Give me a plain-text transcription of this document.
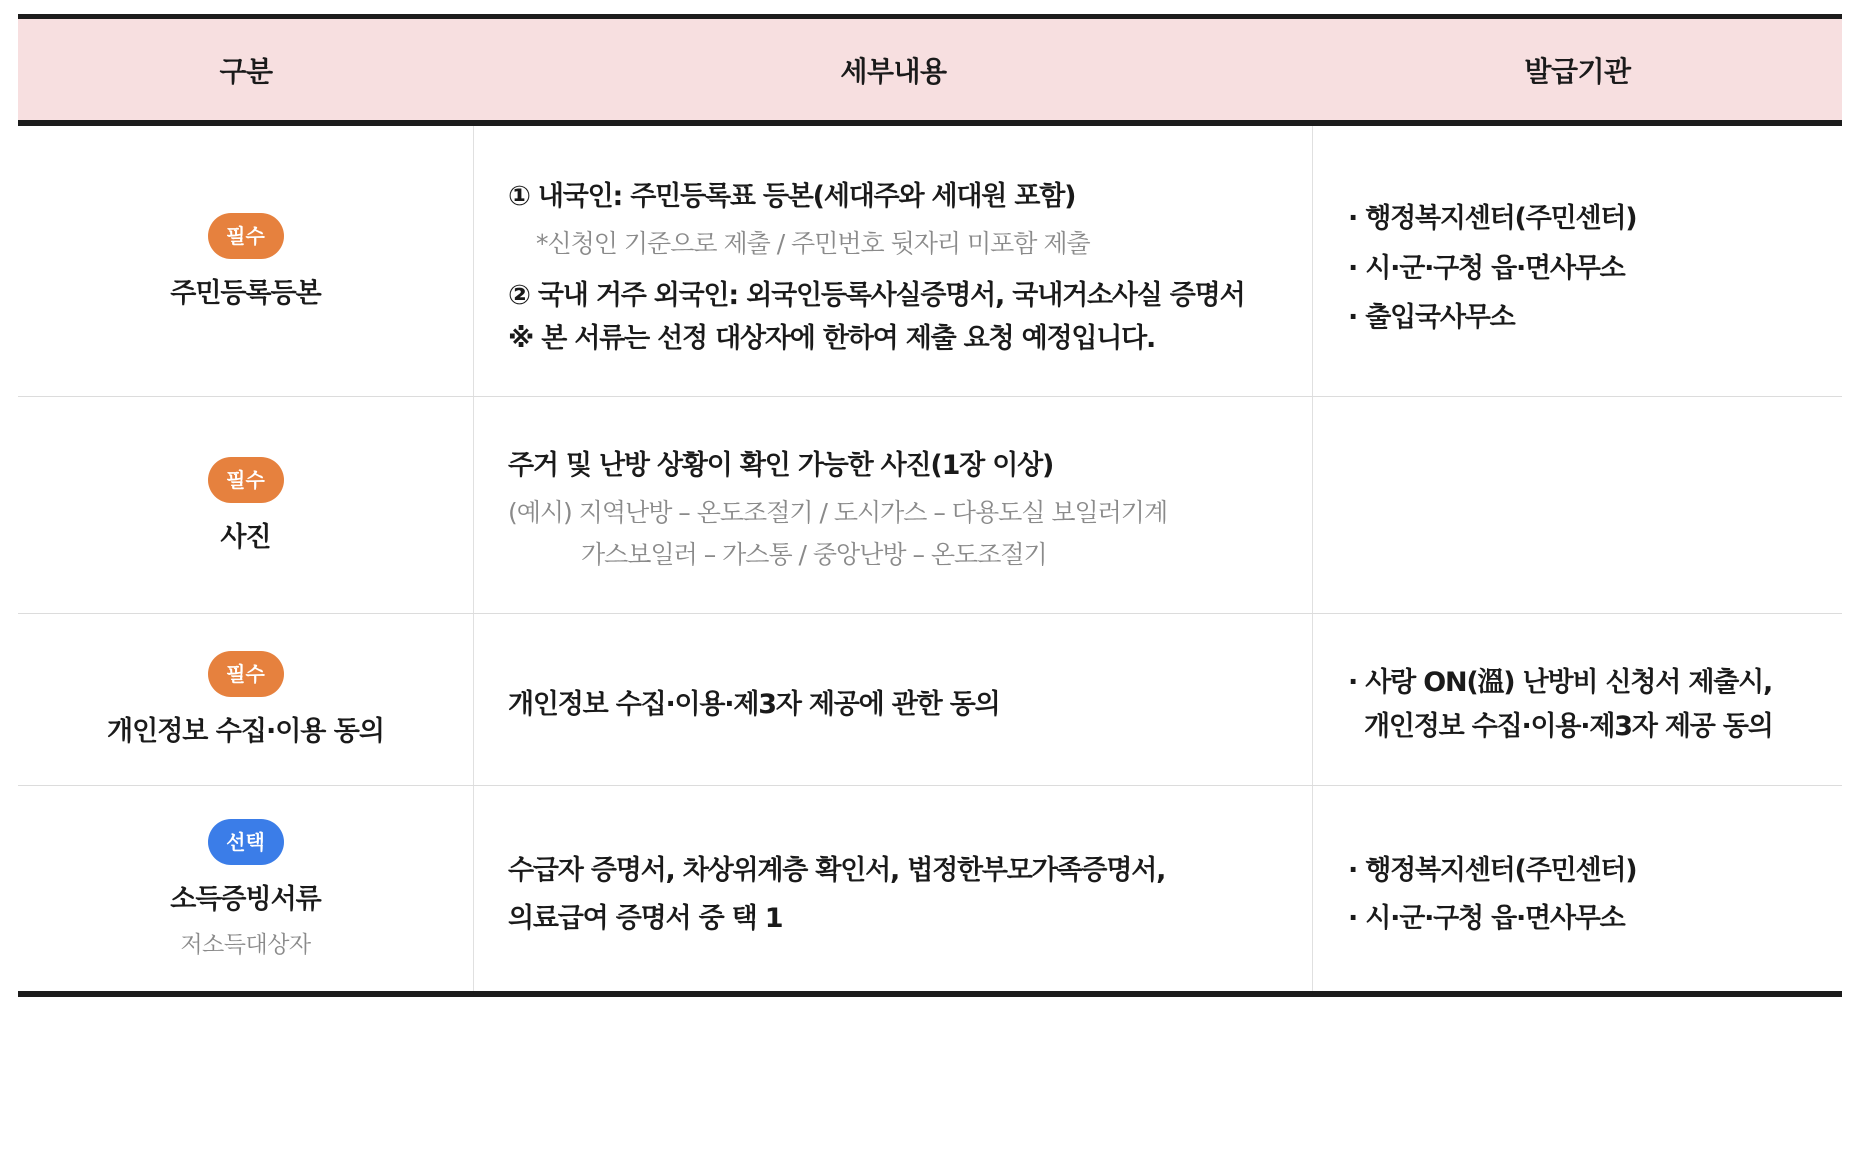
구분	세부내용	발급기관
필수
주민등록등본
① 내국인: 주민등록표 등본(세대주와 세대원 포함)
*신청인 기준으로 제출 / 주민번호 뒷자리 미포함 제출
② 국내 거주 외국인: 외국인등록사실증명서, 국내거소사실 증명서
※ 본 서류는 선정 대상자에 한하여 제출 요청 예정입니다.
· 행정복지센터(주민센터)
· 시·군·구청 읍·면사무소
· 출입국사무소
필수
사진
주거 및 난방 상황이 확인 가능한 사진(1장 이상)
(예시) 지역난방 – 온도조절기 / 도시가스 – 다용도실 보일러기계
가스보일러 – 가스통 / 중앙난방 – 온도조절기
필수
개인정보 수집·이용 동의
개인정보 수집·이용·제3자 제공에 관한 동의
· 사랑 ON(溫) 난방비 신청서 제출시,
개인정보 수집·이용·제3자 제공 동의
선택
소득증빙서류
저소득대상자
수급자 증명서, 차상위계층 확인서, 법정한부모가족증명서,
의료급여 증명서 중 택 1
· 행정복지센터(주민센터)
· 시·군·구청 읍·면사무소
